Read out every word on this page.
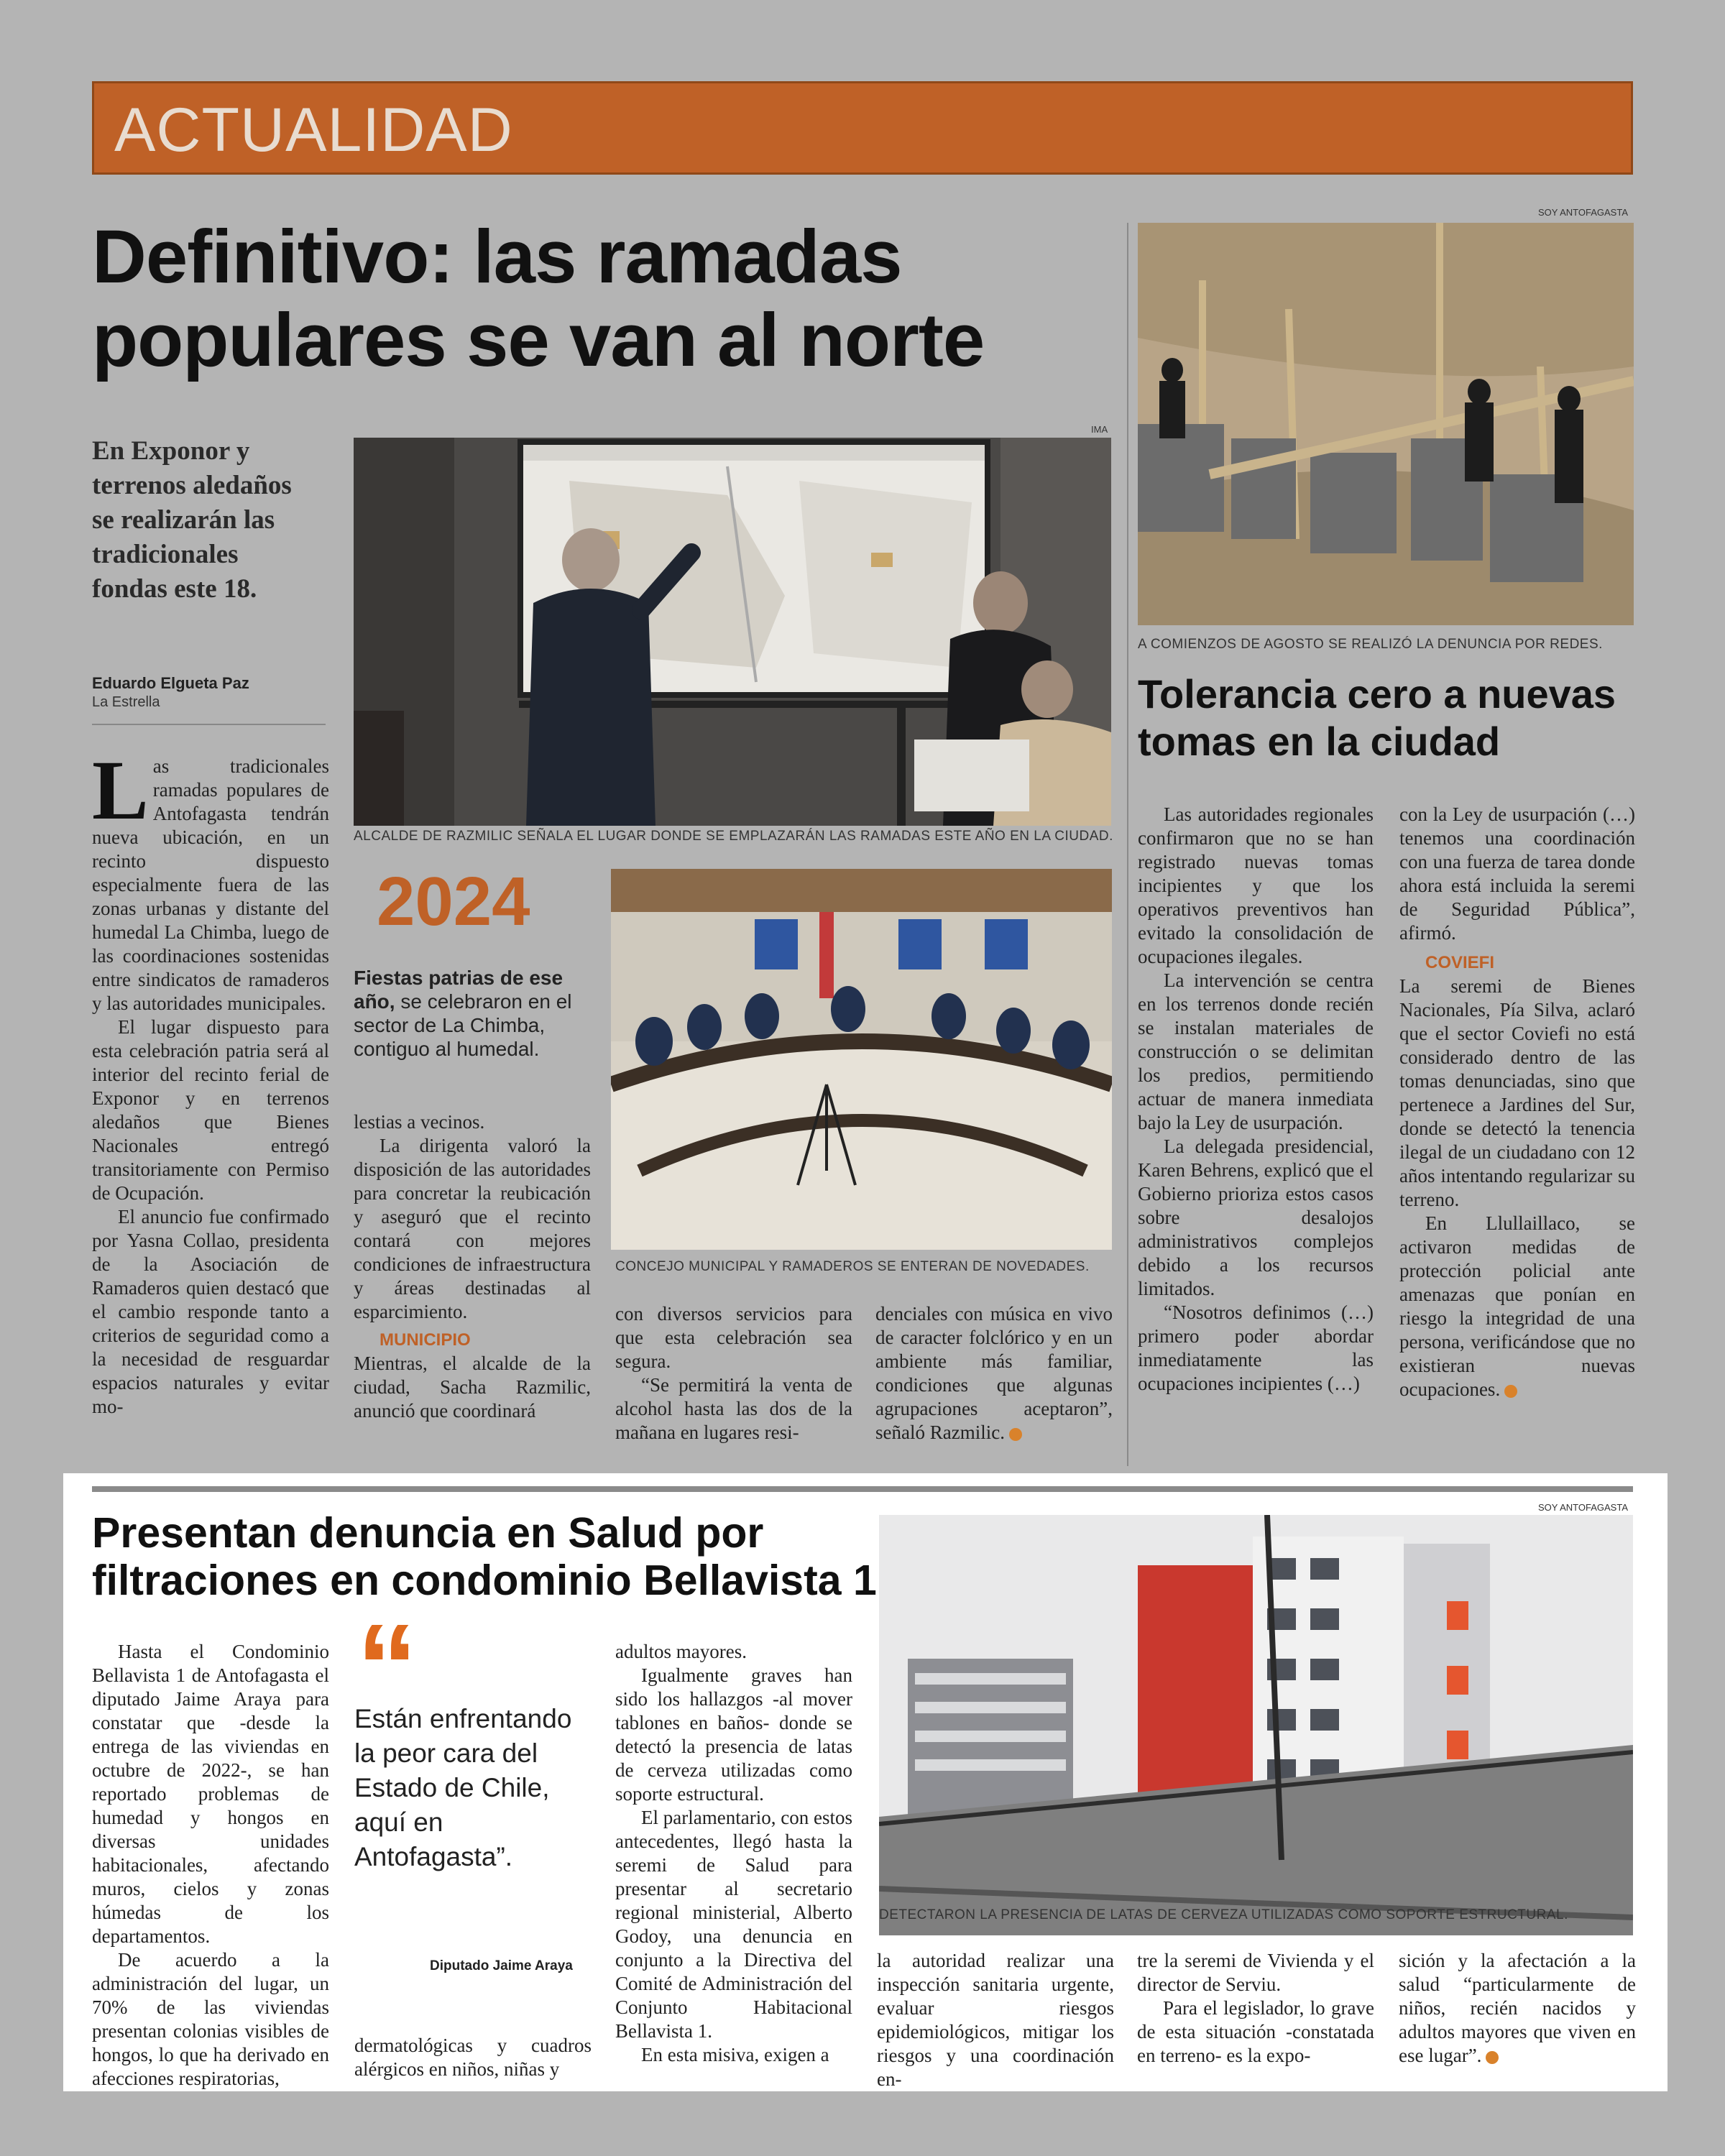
ACTUALIDAD
Definitivo: las ramadas populares se van al norte
En Exponor y terrenos aledaños se realizarán las tradicionales fondas este 18.
Eduardo Elgueta Paz
La Estrella
IMA
ALCALDE DE RAZMILIC SEÑALA EL LUGAR DONDE SE EMPLAZARÁN LAS RAMADAS ESTE AÑO EN LA CIUDAD.

Las tradicionales ramadas populares de Antofagasta tendrán nueva ubicación, en un recinto dispuesto especialmente fuera de las zonas urbanas y distante del humedal La Chimba, luego de las coordinaciones sostenidas entre sindicatos de ramaderos y las autoridades municipales.

El lugar dispuesto para esta celebración patria será al interior del recinto ferial de Exponor y en terrenos aledaños que Bienes Nacionales entregó transitoriamente con Permiso de Ocupación.

El anuncio fue confirmado por Yasna Collao, presidenta de la Asociación de Ramaderos quien destacó que el cambio responde tanto a criterios de seguridad como a la necesidad de resguardar espacios naturales y evitar mo-

2024
Fiestas patrias de ese año, se celebraron en el sector de La Chimba, contiguo al humedal.

lestias a vecinos.

La dirigenta valoró la disposición de las autoridades para concretar la reubicación y aseguró que el recinto contará con mejores condiciones de infraestructura y áreas destinadas al esparcimiento.

MUNICIPIO

Mientras, el alcalde de la ciudad, Sacha Razmilic, anunció que coordinará

CONCEJO MUNICIPAL Y RAMADEROS SE ENTERAN DE NOVEDADES.

con diversos servicios para que esta celebración sea segura.

“Se permitirá la venta de alcohol hasta las dos de la mañana en lugares resi-

denciales con música en vivo de caracter folclórico y en un ambiente más familiar, condiciones que algunas agrupaciones aceptaron”, señaló Razmilic.

SOY ANTOFAGASTA
A COMIENZOS DE AGOSTO SE REALIZÓ LA DENUNCIA POR REDES.
Tolerancia cero a nuevas tomas en la ciudad

Las autoridades regionales confirmaron que no se han registrado nuevas tomas incipientes y que los operativos preventivos han evitado la consolidación de ocupaciones ilegales.

La intervención se centra en los terrenos donde recién se instalan materiales de construcción o se delimitan los predios, permitiendo actuar de manera inmediata bajo la Ley de usurpación.

La delegada presidencial, Karen Behrens, explicó que el Gobierno prioriza estos casos sobre desalojos administrativos complejos debido a los recursos limitados.

“Nosotros definimos (…) primero poder abordar inmediatamente las ocupaciones incipientes (…)

con la Ley de usurpación (…) tenemos una coordinación con una fuerza de tarea donde ahora está incluida la seremi de Seguridad Pública”, afirmó.

COVIEFI

La seremi de Bienes Nacionales, Pía Silva, aclaró que el sector Coviefi no está considerado dentro de las tomas denunciadas, sino que pertenece a Jardines del Sur, donde se detectó la tenencia ilegal de un ciudadano con 12 años intentando regularizar su terreno.

En Llullaillaco, se activaron medidas de protección policial ante amenazas que ponían en riesgo la integridad de una persona, verificándose que no existieran nuevas ocupaciones.

Presentan denuncia en Salud por filtraciones en condominio Bellavista 1
SOY ANTOFAGASTA
DETECTARON LA PRESENCIA DE LATAS DE CERVEZA UTILIZADAS COMO SOPORTE ESTRUCTURAL.
“
Están enfrentando la peor cara del Estado de Chile, aquí en Antofagasta”.
Diputado Jaime Araya

Hasta el Condominio Bellavista 1 de Antofagasta el diputado Jaime Araya para constatar que -desde la entrega de las viviendas en octubre de 2022-, se han reportado problemas de humedad y hongos en diversas unidades habitacionales, afectando muros, cielos y zonas húmedas de los departamentos.

De acuerdo a la administración del lugar, un 70% de las viviendas presentan colonias visibles de hongos, lo que ha derivado en afecciones respiratorias,

dermatológicas y cuadros alérgicos en niños, niñas y

adultos mayores.

Igualmente graves han sido los hallazgos -al mover tablones en baños- donde se detectó la presencia de latas de cerveza utilizadas como soporte estructural.

El parlamentario, con estos antecedentes, llegó hasta la seremi de Salud para presentar al secretario regional ministerial, Alberto Godoy, una denuncia en conjunto a la Directiva del Comité de Administración del Conjunto Habitacional Bellavista 1.

En esta misiva, exigen a

la autoridad realizar una inspección sanitaria urgente, evaluar riesgos epidemiológicos, mitigar los riesgos y una coordinación en-

tre la seremi de Vivienda y el director de Serviu.

Para el legislador, lo grave de esta situación -constatada en terreno- es la expo-

sición y la afectación a la salud “particularmente de niños, recién nacidos y adultos mayores que viven en ese lugar”.
